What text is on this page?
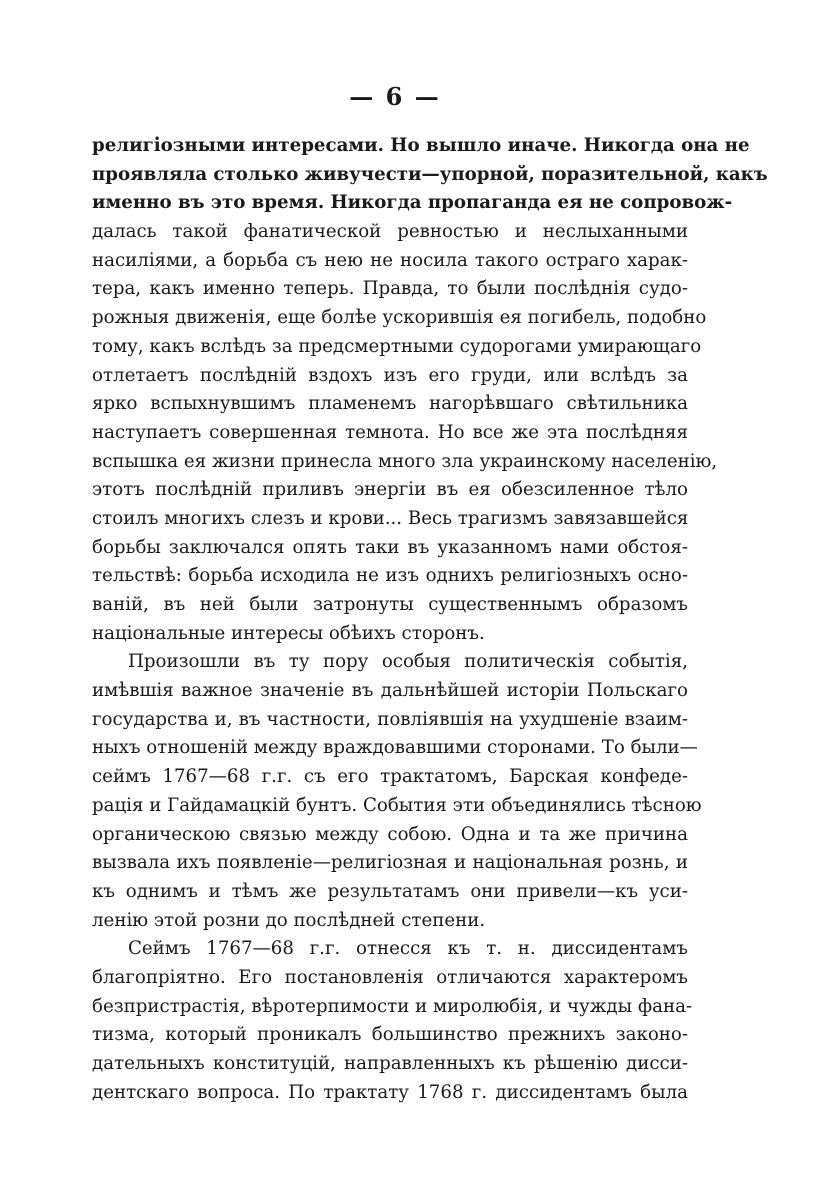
— 6 —
религіозными интересами. Но вышло иначе. Никогда она не
проявляла столько живучести—упорной, поразительной, какъ
именно въ это время. Никогда пропаганда ея не сопровож-
далась такой фанатической ревностью и неслыханными
насиліями, а борьба съ нею не носила такого остраго харак-
тера, какъ именно теперь. Правда, то были послѣднія судо-
рожныя движенія, еще болѣе ускорившія ея погибель, подобно
тому, какъ вслѣдъ за предсмертными судорогами умирающаго
отлетаетъ послѣдній вздохъ изъ его груди, или вслѣдъ за
ярко вспыхнувшимъ пламенемъ нагорѣвшаго свѣтильника
наступаетъ совершенная темнота. Но все же эта послѣдняя
вспышка ея жизни принесла много зла украинскому населенію,
этотъ послѣдній приливъ энергіи въ ея обезсиленное тѣло
стоилъ многихъ слезъ и крови... Весь трагизмъ завязавшейся
борьбы заключался опять таки въ указанномъ нами обстоя-
тельствѣ: борьба исходила не изъ однихъ религіозныхъ осно-
ваній, въ ней были затронуты существеннымъ образомъ
національные интересы обѣихъ сторонъ.
Произошли въ ту пору особыя политическія событія,
имѣвшія важное значеніе въ дальнѣйшей исторіи Польскаго
государства и, въ частности, повліявшія на ухудшеніе взаим-
ныхъ отношеній между враждовавшими сторонами. То были—
сеймъ 1767—68 г.г. съ его трактатомъ, Барская конфеде-
рація и Гайдамацкій бунтъ. События эти объединялись тѣсною
органическою связью между собою. Одна и та же причина
вызвала ихъ появленіе—религіозная и національная рознь, и
къ однимъ и тѣмъ же результатамъ они привели—къ уси-
ленію этой розни до послѣдней степени.
Сеймъ 1767—68 г.г. отнесся къ т. н. диссидентамъ
благопріятно. Его постановленія отличаются характеромъ
безпристрастія, вѣротерпимости и миролюбія, и чужды фана-
тизма, который проникалъ большинство прежнихъ законо-
дательныхъ конституцій, направленныхъ къ рѣшенію дисси-
дентскаго вопроса. По трактату 1768 г. диссидентамъ была
